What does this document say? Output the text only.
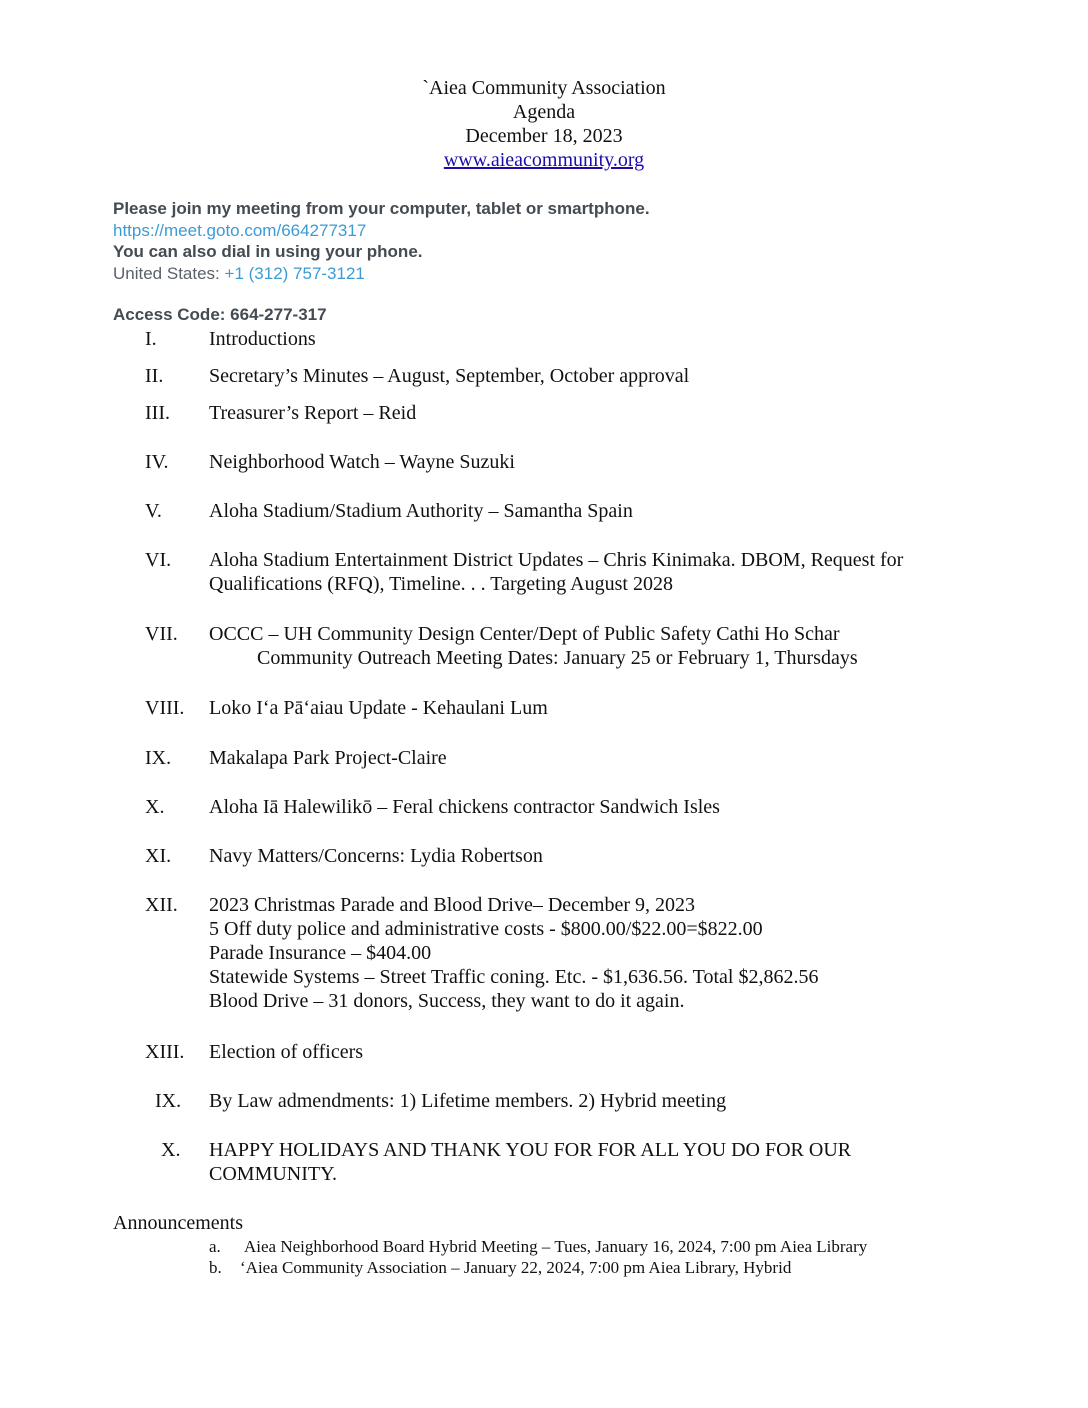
`Aiea Community Association
Agenda
December 18, 2023
www.aieacommunity.org
Please join my meeting from your computer, tablet or smartphone.
https://meet.goto.com/664277317
You can also dial in using your phone.
United States: +1 (312) 757-3121
Access Code: 664-277-317
I.	Introductions
II. Secretary’s Minutes – August, September, October approval
III. Treasurer’s Report – Reid
IV. Neighborhood Watch – Wayne Suzuki
V. Aloha Stadium/Stadium Authority – Samantha Spain
VI. Aloha Stadium Entertainment District Updates – Chris Kinimaka. DBOM, Request for
Qualifications (RFQ), Timeline. . . Targeting August 2028
VII. OCCC – UH Community Design Center/Dept of Public Safety Cathi Ho Schar
Community Outreach Meeting Dates: January 25 or February 1, Thursdays
VIII. Loko Iʻa Pāʻaiau Update - Kehaulani Lum
IX. Makalapa Park Project-Claire
X. Aloha Iā Halewilikō – Feral chickens contractor Sandwich Isles
XI. Navy Matters/Concerns: Lydia Robertson
XII. 2023 Christmas Parade and Blood Drive– December 9, 2023
5 Off duty police and administrative costs - $800.00/$22.00=$822.00
Parade Insurance – $404.00
Statewide Systems – Street Traffic coning. Etc. - $1,636.56. Total $2,862.56
Blood Drive – 31 donors, Success, they want to do it again.
XIII. Election of officers
IX. By Law admendments: 1) Lifetime members. 2) Hybrid meeting
X. HAPPY HOLIDAYS AND THANK YOU FOR FOR ALL YOU DO FOR OUR
COMMUNITY.
Announcements
a. Aiea Neighborhood Board Hybrid Meeting – Tues, January 16, 2024, 7:00 pm Aiea Library
b. ‘Aiea Community Association – January 22, 2024, 7:00 pm Aiea Library, Hybrid
